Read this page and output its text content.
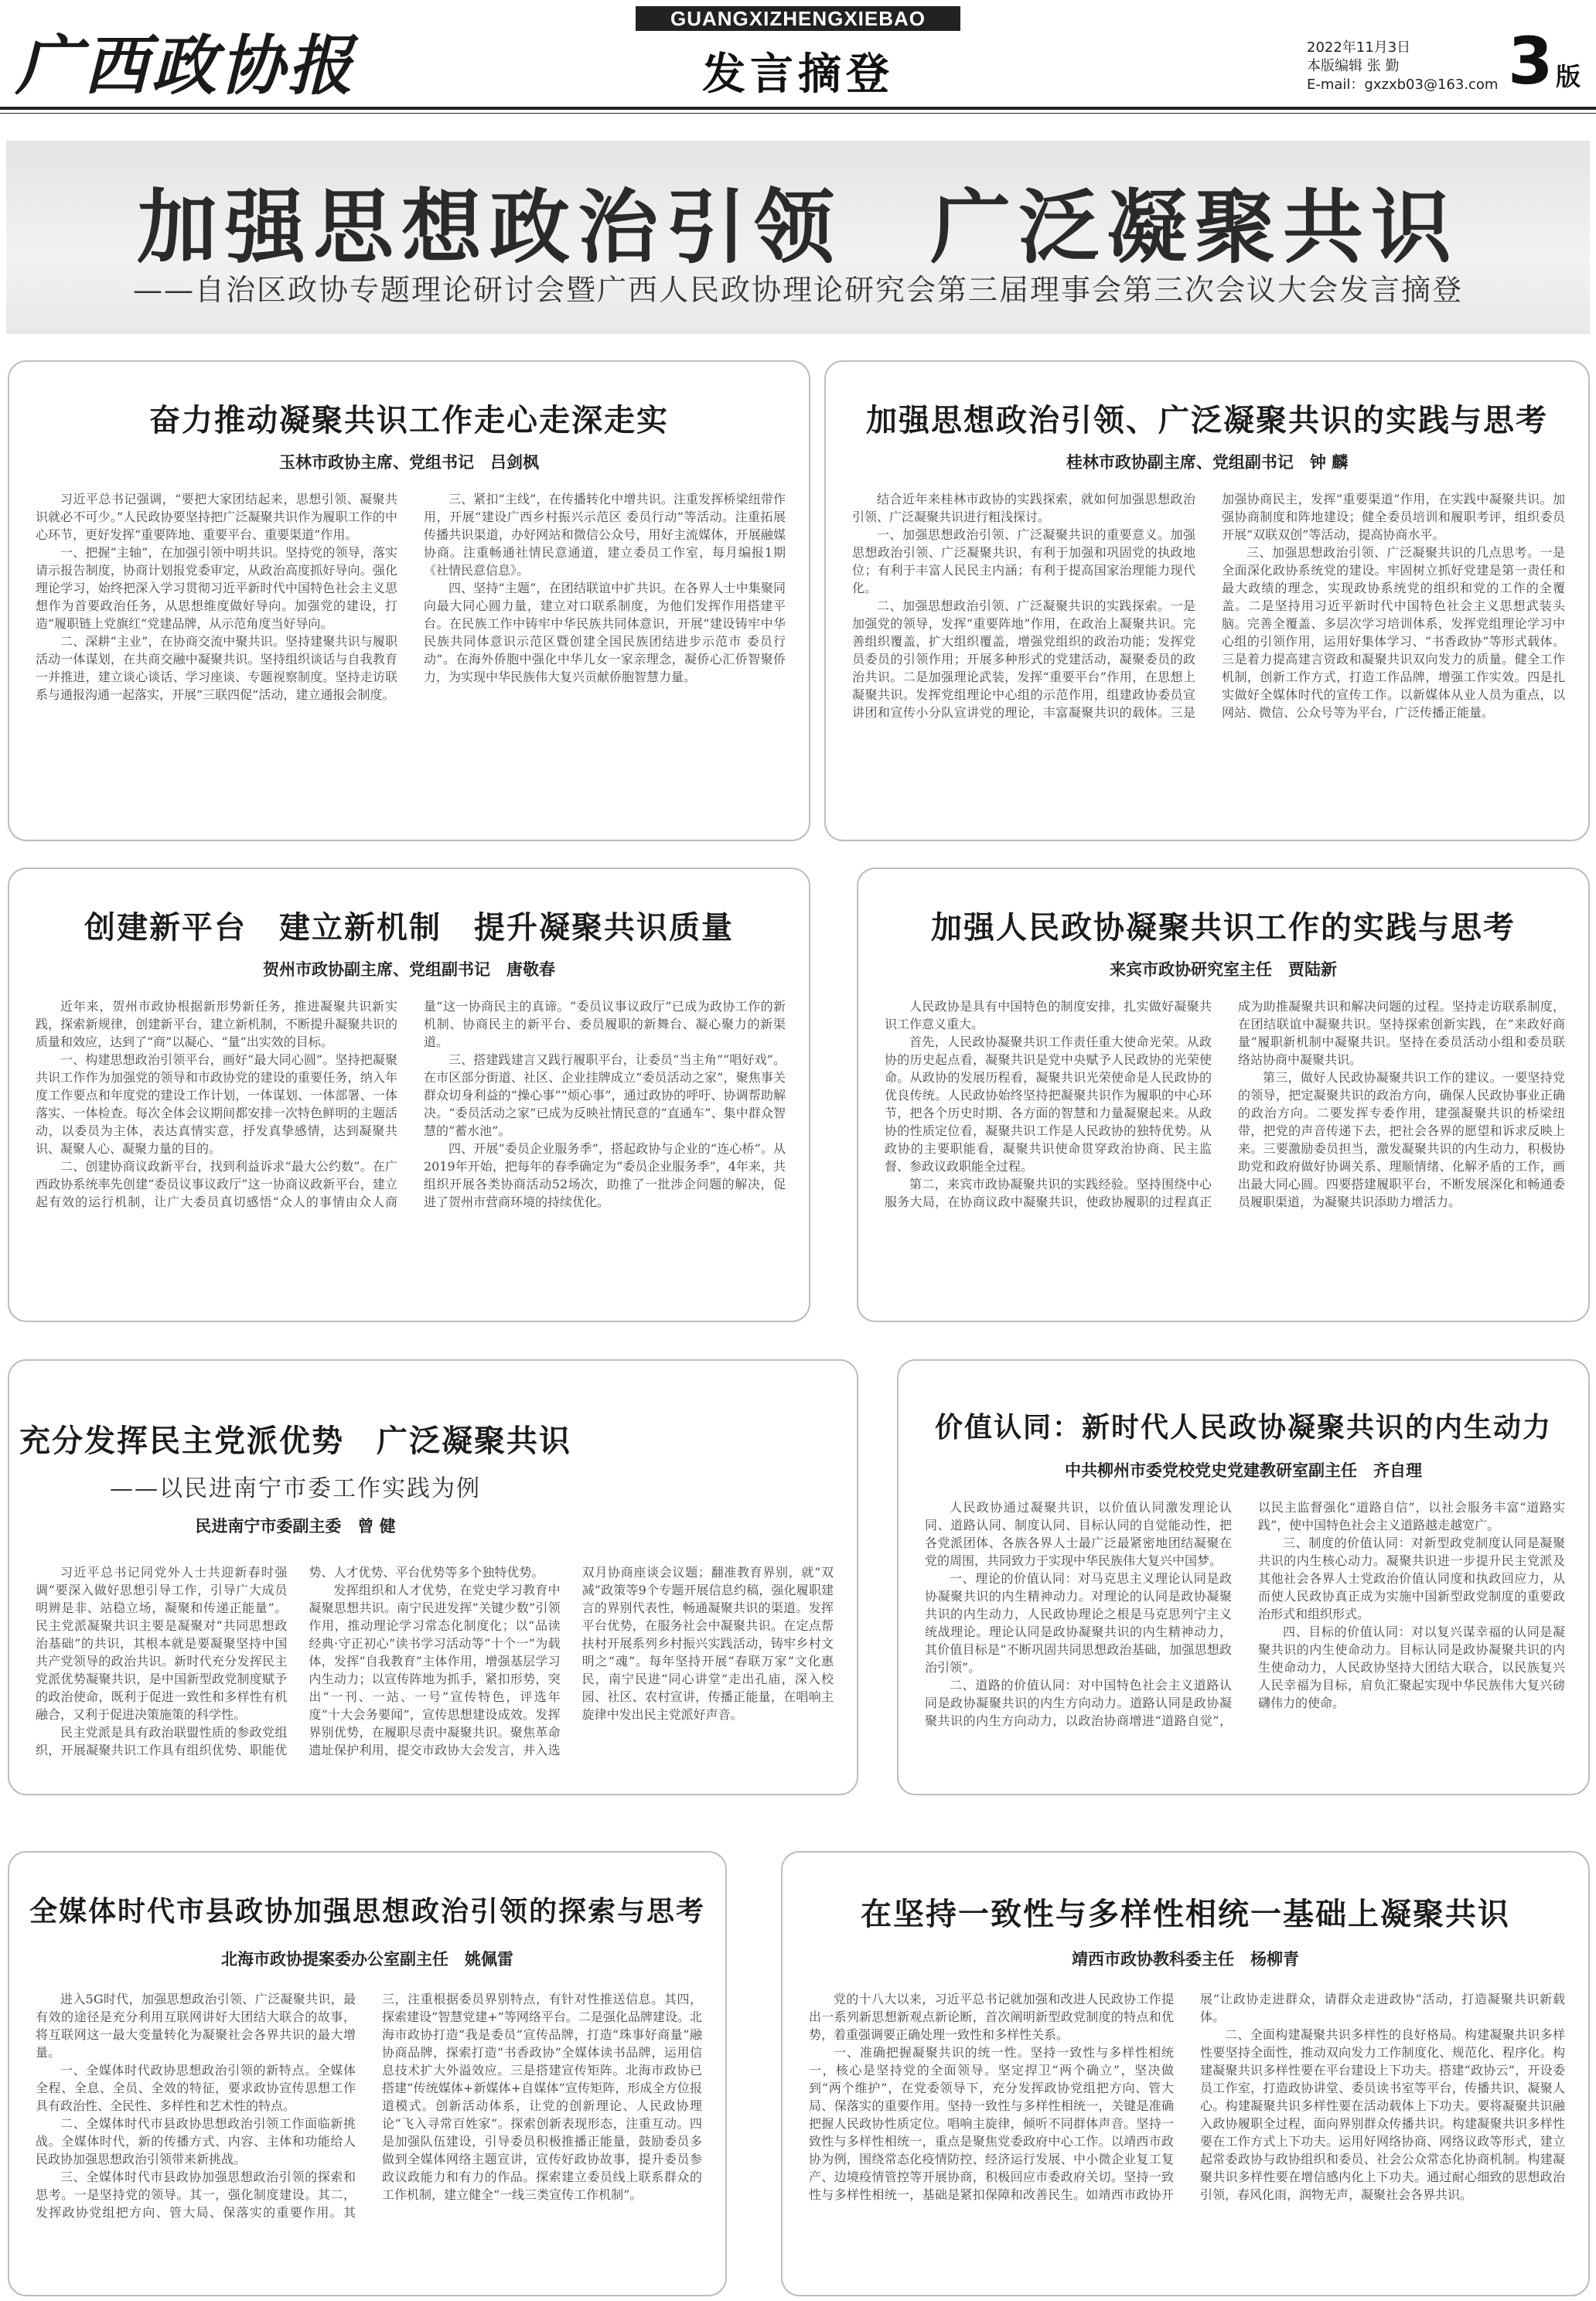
广西政协报
GUANGXIZHENGXIEBAO
发言摘登
2022年11月3日
本版编辑 张 勤
E-mail：gxzxb03@163.com 3 版
加强思想政治引领　广泛凝聚共识
——自治区政协专题理论研讨会暨广西人民政协理论研究会第三届理事会第三次会议大会发言摘登
奋力推动凝聚共识工作走心走深走实
玉林市政协主席、党组书记　吕剑枫

习近平总书记强调，“要把大家团结起来，思想引领、凝聚共识就必不可少。”人民政协要坚持把广泛凝聚共识作为履职工作的中心环节，更好发挥“重要阵地、重要平台、重要渠道”作用。

一、把握“主轴”，在加强引领中明共识。坚持党的领导，落实请示报告制度，协商计划报党委审定，从政治高度抓好导向。强化理论学习，始终把深入学习贯彻习近平新时代中国特色社会主义思想作为首要政治任务，从思想维度做好导向。加强党的建设，打造“履职链上党旗红”党建品牌，从示范角度当好导向。

二、深耕“主业”，在协商交流中聚共识。坚持建聚共识与履职活动一体谋划，在共商交融中凝聚共识。坚持组织谈话与自我教育一并推进，建立谈心谈话、学习座谈、专题视察制度。坚持走访联系与通报沟通一起落实，开展“三联四促”活动，建立通报会制度。

三、紧扣“主线”，在传播转化中增共识。注重发挥桥梁纽带作用，开展“建设广西乡村振兴示范区 委员行动”等活动。注重拓展传播共识渠道，办好网站和微信公众号，用好主流媒体，开展融媒协商。注重畅通社情民意通道，建立委员工作室，每月编报1期《社情民意信息》。

四、坚持“主题”，在团结联谊中扩共识。在各界人士中集聚同向最大同心圆力量，建立对口联系制度，为他们发挥作用搭建平台。在民族工作中铸牢中华民族共同体意识，开展“建设铸牢中华民族共同体意识示范区暨创建全国民族团结进步示范市 委员行动”。在海外侨胞中强化中华儿女一家亲理念，凝侨心汇侨智聚侨力，为实现中华民族伟大复兴贡献侨胞智慧力量。

加强思想政治引领、广泛凝聚共识的实践与思考
桂林市政协副主席、党组副书记　钟 麟

结合近年来桂林市政协的实践探索，就如何加强思想政治引领、广泛凝聚共识进行粗浅探讨。

一、加强思想政治引领、广泛凝聚共识的重要意义。加强思想政治引领、广泛凝聚共识，有利于加强和巩固党的执政地位；有利于丰富人民民主内涵；有利于提高国家治理能力现代化。

二、加强思想政治引领、广泛凝聚共识的实践探索。一是加强党的领导，发挥“重要阵地”作用，在政治上凝聚共识。完善组织覆盖，扩大组织覆盖，增强党组织的政治功能；发挥党员委员的引领作用；开展多种形式的党建活动，凝聚委员的政治共识。二是加强理论武装，发挥“重要平台”作用，在思想上凝聚共识。发挥党组理论中心组的示范作用，组建政协委员宣讲团和宣传小分队宣讲党的理论，丰富凝聚共识的载体。三是加强协商民主，发挥“重要渠道”作用，在实践中凝聚共识。加强协商制度和阵地建设；健全委员培训和履职考评，组织委员开展“双联双创”等活动，提高协商水平。

三、加强思想政治引领、广泛凝聚共识的几点思考。一是全面深化政协系统党的建设。牢固树立抓好党建是第一责任和最大政绩的理念，实现政协系统党的组织和党的工作的全覆盖。二是坚持用习近平新时代中国特色社会主义思想武装头脑。完善全覆盖、多层次学习培训体系，发挥党组理论学习中心组的引领作用，运用好集体学习、“书香政协”等形式载体。三是着力提高建言资政和凝聚共识双向发力的质量。健全工作机制，创新工作方式，打造工作品牌，增强工作实效。四是扎实做好全媒体时代的宣传工作。以新媒体从业人员为重点，以网站、微信、公众号等为平台，广泛传播正能量。

创建新平台　建立新机制　提升凝聚共识质量
贺州市政协副主席、党组副书记　唐敬春

近年来，贺州市政协根据新形势新任务，推进凝聚共识新实践，探索新规律，创建新平台，建立新机制，不断提升凝聚共识的质量和效应，达到了“商”以凝心、“量”出实效的目标。

一、构建思想政治引领平台，画好“最大同心圆”。坚持把凝聚共识工作作为加强党的领导和市政协党的建设的重要任务，纳入年度工作要点和年度党的建设工作计划，一体谋划、一体部署、一体落实、一体检查。每次全体会议期间都安排一次特色鲜明的主题活动，以委员为主体，表达真情实意，抒发真挚感情，达到凝聚共识、凝聚人心、凝聚力量的目的。

二、创建协商议政新平台，找到利益诉求“最大公约数”。在广西政协系统率先创建“委员议事议政厅”这一协商议政新平台，建立起有效的运行机制，让广大委员真切感悟“众人的事情由众人商量”这一协商民主的真谛。“委员议事议政厅”已成为政协工作的新机制、协商民主的新平台、委员履职的新舞台、凝心聚力的新渠道。

三、搭建践建言又践行履职平台，让委员“当主角”“唱好戏”。在市区部分街道、社区、企业挂牌成立“委员活动之家”，聚焦事关群众切身利益的“操心事”“烦心事”，通过政协的呼吁、协调帮助解决。“委员活动之家”已成为反映社情民意的“直通车”、集中群众智慧的“蓄水池”。

四、开展“委员企业服务季”，搭起政协与企业的“连心桥”。从2019年开始，把每年的春季确定为“委员企业服务季”，4年来，共组织开展各类协商活动52场次，助推了一批涉企问题的解决，促进了贺州市营商环境的持续优化。

加强人民政协凝聚共识工作的实践与思考
来宾市政协研究室主任　贾陆新

人民政协是具有中国特色的制度安排，扎实做好凝聚共识工作意义重大。

首先，人民政协凝聚共识工作责任重大使命光荣。从政协的历史起点看，凝聚共识是党中央赋予人民政协的光荣使命。从政协的发展历程看，凝聚共识光荣使命是人民政协的优良传统。人民政协始终坚持把凝聚共识作为履职的中心环节，把各个历史时期、各方面的智慧和力量凝聚起来。从政协的性质定位看，凝聚共识工作是人民政协的独特优势。从政协的主要职能看，凝聚共识使命贯穿政治协商、民主监督、参政议政职能全过程。

第二，来宾市政协凝聚共识的实践经验。坚持围绕中心服务大局，在协商议政中凝聚共识，使政协履职的过程真正成为助推凝聚共识和解决问题的过程。坚持走访联系制度，在团结联谊中凝聚共识。坚持探索创新实践，在“来政好商量”履职新机制中凝聚共识。坚持在委员活动小组和委员联络站协商中凝聚共识。

第三，做好人民政协凝聚共识工作的建议。一要坚持党的领导，把定凝聚共识的政治方向，确保人民政协事业正确的政治方向。二要发挥专委作用，建强凝聚共识的桥梁纽带，把党的声音传递下去，把社会各界的愿望和诉求反映上来。三要激励委员担当，激发凝聚共识的内生动力，积极协助党和政府做好协调关系、理顺情绪、化解矛盾的工作，画出最大同心圆。四要搭建履职平台，不断发展深化和畅通委员履职渠道，为凝聚共识添助力增活力。

充分发挥民主党派优势　广泛凝聚共识
——以民进南宁市委工作实践为例
民进南宁市委副主委　曾 健

习近平总书记同党外人士共迎新春时强调“要深入做好思想引导工作，引导广大成员明辨是非、站稳立场，凝聚和传递正能量”。民主党派凝聚共识主要是凝聚对“共同思想政治基础”的共识，其根本就是要凝聚坚持中国共产党领导的政治共识。新时代充分发挥民主党派优势凝聚共识，是中国新型政党制度赋予的政治使命，既利于促进一致性和多样性有机融合，又利于促进决策施策的科学性。

民主党派是具有政治联盟性质的参政党组织，开展凝聚共识工作具有组织优势、职能优势、人才优势、平台优势等多个独特优势。

发挥组织和人才优势，在党史学习教育中凝聚思想共识。南宁民进发挥“关键少数”引领作用，推动理论学习常态化制度化；以“品读经典·守正初心”读书学习活动等“十个一”为载体，发挥“自我教育”主体作用，增强基层学习内生动力；以宣传阵地为抓手，紧扣形势，突出“一刊、一站、一号”宣传特色，评选年度“十大会务要闻”，宣传思想建设成效。发挥界别优势，在履职尽责中凝聚共识。聚焦革命遗址保护利用，提交市政协大会发言，并入选双月协商座谈会议题；翻准教育界别，就“双减”政策等9个专题开展信息约稿，强化履职建言的界别代表性，畅通凝聚共识的渠道。发挥平台优势，在服务社会中凝聚共识。在定点帮扶村开展系列乡村振兴实践活动，铸牢乡村文明之“魂”。每年坚持开展“春联万家”文化惠民，南宁民进“同心讲堂”走出孔庙，深入校园、社区、农村宣讲，传播正能量，在唱响主旋律中发出民主党派好声音。

价值认同：新时代人民政协凝聚共识的内生动力
中共柳州市委党校党史党建教研室副主任　齐自理

人民政协通过凝聚共识，以价值认同激发理论认同、道路认同、制度认同、目标认同的自觉能动性，把各党派团体、各族各界人士最广泛最紧密地团结凝聚在党的周围，共同致力于实现中华民族伟大复兴中国梦。

一、理论的价值认同：对马克思主义理论认同是政协凝聚共识的内生精神动力。对理论的认同是政协凝聚共识的内生动力，人民政协理论之根是马克思列宁主义统战理论。理论认同是政协凝聚共识的内生精神动力，其价值目标是“不断巩固共同思想政治基础，加强思想政治引领”。

二、道路的价值认同：对中国特色社会主义道路认同是政协凝聚共识的内生方向动力。道路认同是政协凝聚共识的内生方向动力，以政治协商增进“道路自觉”，以民主监督强化“道路自信”，以社会服务丰富“道路实践”，使中国特色社会主义道路越走越宽广。

三、制度的价值认同：对新型政党制度认同是凝聚共识的内生核心动力。凝聚共识进一步提升民主党派及其他社会各界人士党政治价值认同度和执政回应力，从而使人民政协真正成为实施中国新型政党制度的重要政治形式和组织形式。

四、目标的价值认同：对以复兴谋幸福的认同是凝聚共识的内生使命动力。目标认同是政协凝聚共识的内生使命动力，人民政协坚持大团结大联合，以民族复兴人民幸福为目标，肩负汇聚起实现中华民族伟大复兴磅礴伟力的使命。

全媒体时代市县政协加强思想政治引领的探索与思考
北海市政协提案委办公室副主任　姚佩雷

进入5G时代，加强思想政治引领、广泛凝聚共识，最有效的途径是充分利用互联网讲好大团结大联合的故事，将互联网这一最大变量转化为凝聚社会各界共识的最大增量。

一、全媒体时代政协思想政治引领的新特点。全媒体全程、全息、全员、全效的特征，要求政协宣传思想工作具有政治性、全民性、多样性和艺术性的特点。

二、全媒体时代市县政协思想政治引领工作面临新挑战。全媒体时代，新的传播方式、内容、主体和功能给人民政协加强思想政治引领带来新挑战。

三、全媒体时代市县政协加强思想政治引领的探索和思考。一是坚持党的领导。其一，强化制度建设。其二，发挥政协党组把方向、管大局、保落实的重要作用。其三，注重根据委员界别特点，有针对性推送信息。其四，探索建设“智慧党建+”等网络平台。二是强化品牌建设。北海市政协打造“我是委员”宣传品牌，打造“珠事好商量”融协商品牌，探索打造“书香政协”全媒体读书品牌，运用信息技术扩大外溢效应。三是搭建宣传矩阵。北海市政协已搭建“传统媒体+新媒体+自媒体”宣传矩阵，形成全方位报道模式。创新活动体系，让党的创新理论、人民政协理论“飞入寻常百姓家”。探索创新表现形态，注重互动。四是加强队伍建设，引导委员积极推播正能量，鼓励委员多做到全媒体网络主题宣讲，宣传好政协故事，提升委员参政议政能力和有力的作品。探索建立委员线上联系群众的工作机制，建立健全“一线三类宣传工作机制”。

在坚持一致性与多样性相统一基础上凝聚共识
靖西市政协教科委主任　杨柳青

党的十八大以来，习近平总书记就加强和改进人民政协工作提出一系列新思想新观点新论断，首次阐明新型政党制度的特点和优势，着重强调要正确处理一致性和多样性关系。

一、准确把握凝聚共识的统一性。坚持一致性与多样性相统一，核心是坚持党的全面领导。坚定捍卫“两个确立”，坚决做到“两个维护”，在党委领导下，充分发挥政协党组把方向、管大局、保落实的重要作用。坚持一致性与多样性相统一，关键是准确把握人民政协性质定位。唱响主旋律，倾听不同群体声音。坚持一致性与多样性相统一，重点是聚焦党委政府中心工作。以靖西市政协为例，围绕常态化疫情防控、经济运行发展、中小微企业复工复产、边境疫情管控等开展协商，积极回应市委政府关切。坚持一致性与多样性相统一，基础是紧扣保障和改善民生。如靖西市政协开展“让政协走进群众，请群众走进政协”活动，打造凝聚共识新载体。

二、全面构建凝聚共识多样性的良好格局。构建凝聚共识多样性要坚持全面性，推动双向发力工作制度化、规范化、程序化。构建凝聚共识多样性要在平台建设上下功夫。搭建“政协云”，开设委员工作室，打造政协讲堂、委员读书室等平台，传播共识，凝聚人心。构建凝聚共识多样性要在活动载体上下功夫。要将凝聚共识融入政协履职全过程，面向界别群众传播共识。构建凝聚共识多样性要在工作方式上下功夫。运用好网络协商、网络议政等形式，建立起常委政协与政协组织和委员、社会公众常态化协商机制。构建凝聚共识多样性要在增信感内化上下功夫。通过耐心细致的思想政治引领，春风化雨，润物无声，凝聚社会各界共识。
